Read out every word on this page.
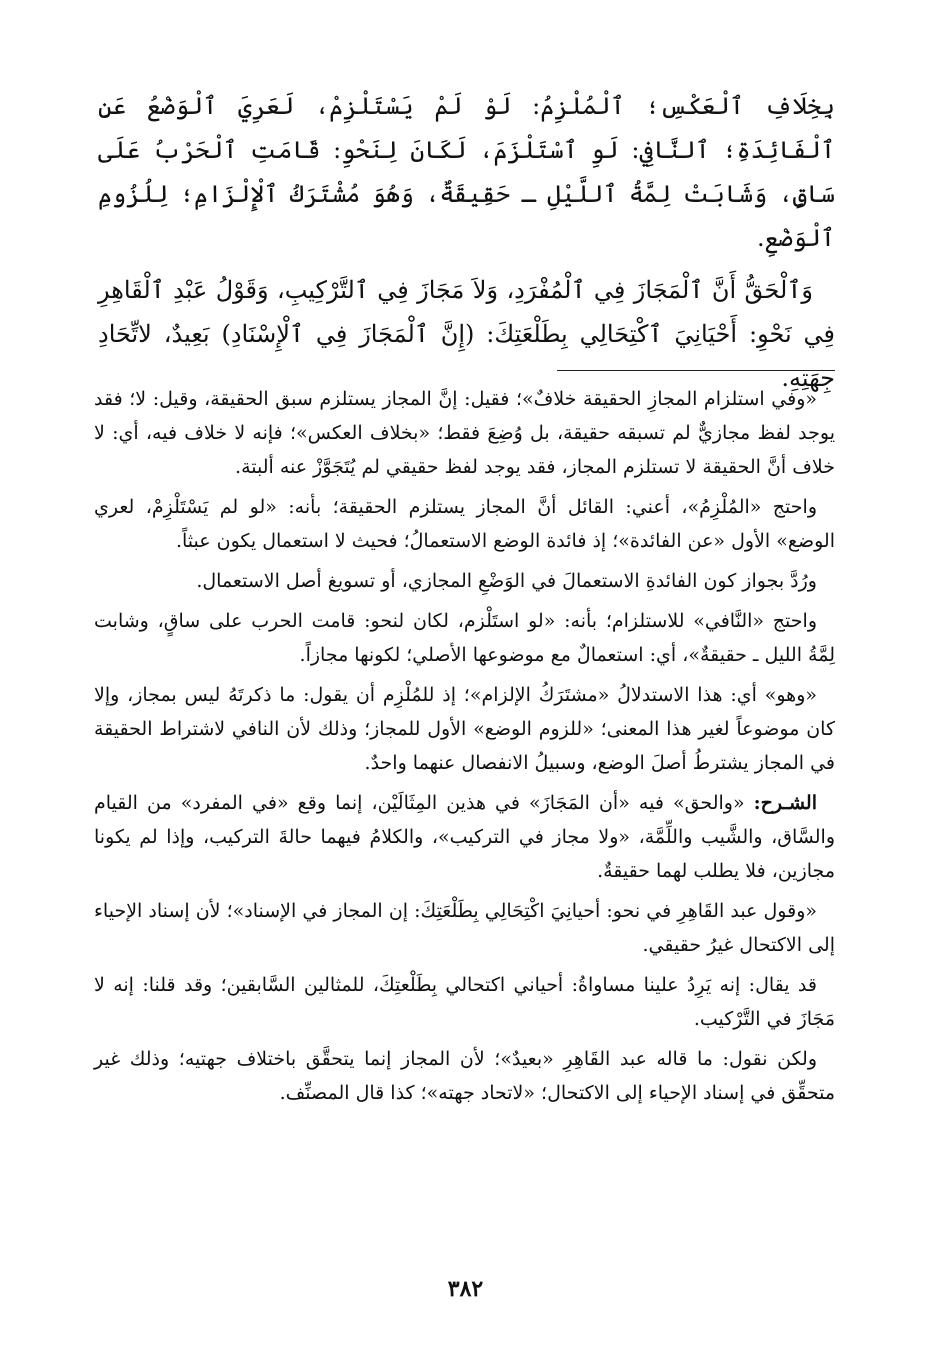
بِخِلَافِ ٱلْعَكْسِ؛ ٱلْمُلْزِمُ: لَوْ لَمْ يَسْتَلْزِمْ، لَعَرِيَ ٱلْوَضْعُ عَنِ ٱلْفَائِدَةِ؛ ٱلنَّافِي: لَوِ ٱسْتَلْزَمَ، لَكَانَ لِنَحْوِ: قَامَتِ ٱلْحَرْبُ عَلَى سَاقٍ، وَشَابَتْ لِمَّةُ ٱللَّيْلِ ـ حَقِيقَةٌ، وَهُوَ مُشْتَرَكُ ٱلْإِلْزَامِ؛ لِلُزُومِ ٱلْوَضْعِ.

وَٱلْحَقُّ أَنَّ ٱلْمَجَازَ فِي ٱلْمُفْرَدِ، وَلاَ مَجَازَ فِي ٱلتَّرْكِيبِ، وَقَوْلُ عَبْدِ ٱلْقَاهِرِ فِي نَحْوِ: أَحْيَانِيَ ٱكْتِحَالِي بِطَلْعَتِكَ: (إِنَّ ٱلْمَجَازَ فِي ٱلْإِسْنَادِ) بَعِيدٌ، لاتِّحَادِ جِهَتِهِ.

«وفي استلزام المجازِ الحقيقة خلافٌ»؛ فقيل: إنَّ المجاز يستلزم سبق الحقيقة، وقيل: لا؛ فقد يوجد لفظ مجازيٌّ لم تسبقه حقيقة، بل وُضِعَ فقط؛ «بخلاف العكس»؛ فإنه لا خلاف فيه، أي: لا خلاف أنَّ الحقيقة لا تستلزم المجاز، فقد يوجد لفظ حقيقي لم يُتَجَوَّزْ عنه ألبتة.

واحتج «المُلْزِمُ»، أعني: القائل أنَّ المجاز يستلزم الحقيقة؛ بأنه: «لو لم يَسْتَلْزِمْ، لعري الوضع» الأول «عن الفائدة»؛ إذ فائدة الوضع الاستعمالُ؛ فحيث لا استعمال يكون عبثاً.

ورُدَّ بجواز كون الفائدةِ الاستعمالَ في الوَضْعِ المجازي، أو تسويغ أصل الاستعمال.

واحتج «النَّافي» للاستلزام؛ بأنه: «لو استَلْزم، لكان لنحو: قامت الحرب على ساقٍ، وشابت لِمَّةُ الليل ـ حقيقةٌ»، أي: استعمالٌ مع موضوعها الأصلي؛ لكونها مجازاً.

«وهو» أي: هذا الاستدلالُ «مشتَرَكُ الإلزام»؛ إذ للمُلْزِم أن يقول: ما ذكرتَهُ ليس بمجاز، وإلا كان موضوعاً لغير هذا المعنى؛ «للزوم الوضع» الأول للمجاز؛ وذلك لأن النافي لاشتراط الحقيقة في المجاز يشترطُ أصلَ الوضع، وسبيلُ الانفصال عنهما واحدٌ.

الشـرح: «والحق» فيه «أن المَجَازَ» في هذين المِثَالَيْن، إنما وقع «في المفرد» من القيام والسَّاق، والشَّيب واللِّمَّة، «ولا مجاز في التركيب»، والكلامُ فيهما حالةَ التركيب، وإذا لم يكونا مجازين، فلا يطلب لهما حقيقةٌ.

«وقول عبد القَاهِرِ في نحو: أحيانِيَ اكْتِحَالِي بِطَلْعَتِكَ: إن المجاز في الإسناد»؛ لأن إسناد الإحياء إلى الاكتحال غيرُ حقيقي.

قد يقال: إنه يَرِدُ علينا مساواةُ: أحياني اكتحالي بِطَلْعتِكَ، للمثالين السَّابقين؛ وقد قلنا: إنه لا مَجَازَ في التَّرْكيب.

ولكن نقول: ما قاله عبد القَاهِرِ «بعيدٌ»؛ لأن المجاز إنما يتحقَّق باختلاف جهتيه؛ وذلك غير متحقِّق في إسناد الإحياء إلى الاكتحال؛ «لاتحاد جهته»؛ كذا قال المصنِّف.

٣٨٢
